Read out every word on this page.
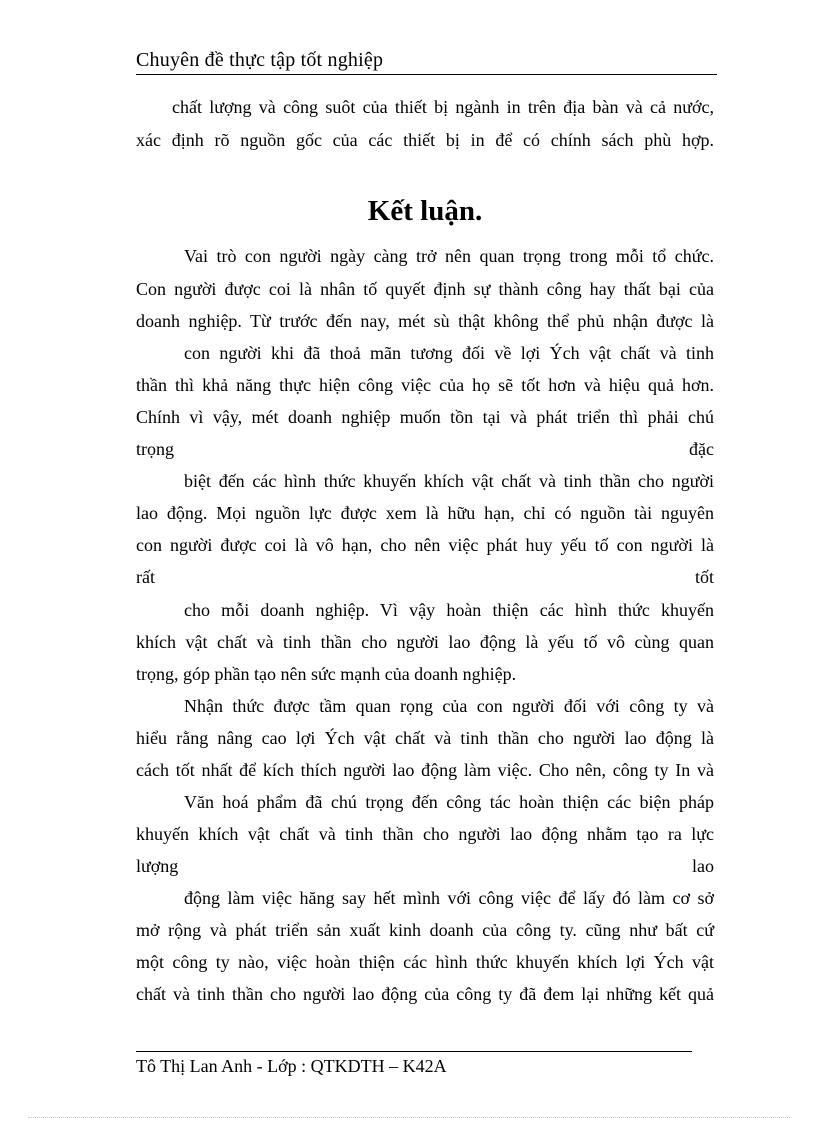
Chuyên đề thực tập tốt nghiệp
chất lượng và công suôt của thiết bị ngành in trên địa bàn và cả nước,
xác định rõ nguồn gốc của các thiết bị in để có chính sách phù hợp.
Kết luận.
Vai trò con người ngày càng trở nên quan trọng trong mỗi tổ chức.
Con người được coi là nhân tố quyết định sự thành công hay thất bại của
doanh nghiệp. Từ trước đến nay, mét sù thật không thể phủ nhận được là
con người khi đã thoả mãn tương đối về lợi Ých vật chất và tinh
thần thì khả năng thực hiện công việc của họ sẽ tốt hơn và hiệu quả hơn.
Chính vì vậy, mét doanh nghiệp muốn tồn tại và phát triển thì phải chú
trọng	đặc
biệt đến các hình thức khuyến khích vật chất và tinh thần cho người
lao động. Mọi nguồn lực được xem là hữu hạn, chỉ có nguồn tài nguyên
con người được coi là vô hạn, cho nên việc phát huy yếu tố con người là
rất	tốt
cho mỗi doanh nghiệp. Vì vậy hoàn thiện các hình thức khuyến
khích vật chất và tinh thần cho người lao động là yếu tố vô cùng quan
trọng, góp phần tạo nên sức mạnh của doanh nghiệp.
Nhận thức được tầm quan rọng của con người đối với công ty và
hiểu rằng nâng cao lợi Ých vật chất và tinh thần cho người lao động là
cách tốt nhất để kích thích người lao động làm việc. Cho nên, công ty In và
Văn hoá phẩm đã chú trọng đến công tác hoàn thiện các biện pháp
khuyến khích vật chất và tinh thần cho người lao động nhằm tạo ra lực
lượng	lao
động làm việc hăng say hết mình với công việc để lấy đó làm cơ sở
mở rộng và phát triển sản xuất kinh doanh của công ty. cũng như bất cứ
một công ty nào, việc hoàn thiện các hình thức khuyến khích lợi Ých vật
chất và tinh thần cho người lao động của công ty đã đem lại những kết quả
Tô Thị Lan Anh - Lớp : QTKDTH – K42A
